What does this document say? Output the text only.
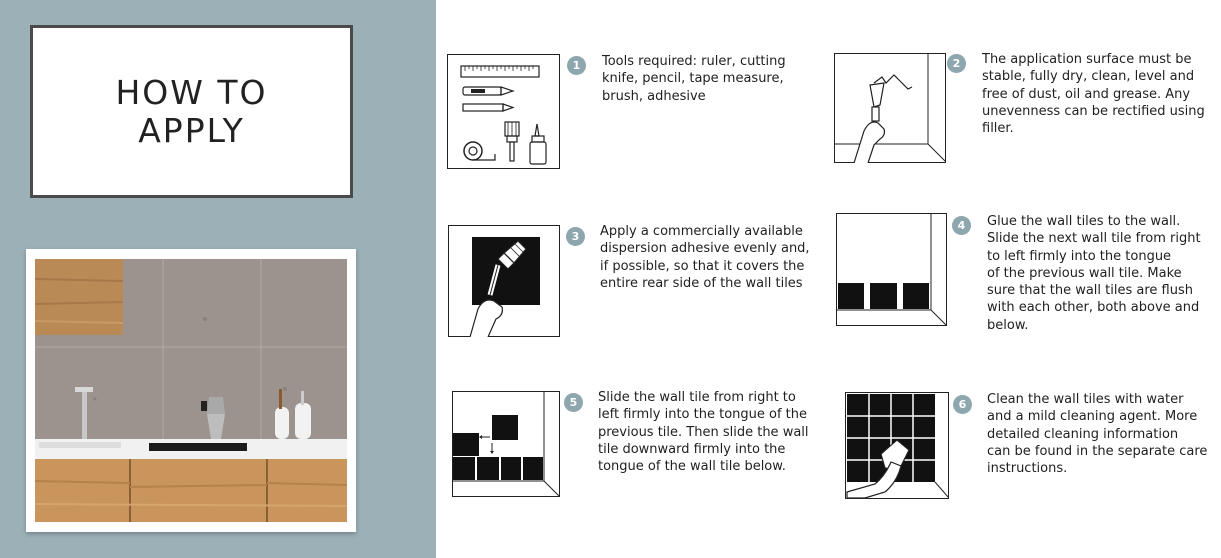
HOW TO
APPLY
1	Tools required: ruler, cutting
knife, pencil, tape measure,
brush, adhesive
2	The application surface must be
stable, fully dry, clean, level and
free of dust, oil and grease. Any
unevenness can be rectified using
filler.
3	Apply a commercially available
dispersion adhesive evenly and,
if possible, so that it covers the
entire rear side of the wall tiles
4	Glue the wall tiles to the wall.
Slide the next wall tile from right
to left firmly into the tongue
of the previous wall tile. Make
sure that the wall tiles are flush
with each other, both above and
below.
5	Slide the wall tile from right to
left firmly into the tongue of the
previous tile. Then slide the wall
tile downward firmly into the
tongue of the wall tile below.
6	Clean the wall tiles with water
and a mild cleaning agent. More
detailed cleaning information
can be found in the separate care
instructions.
